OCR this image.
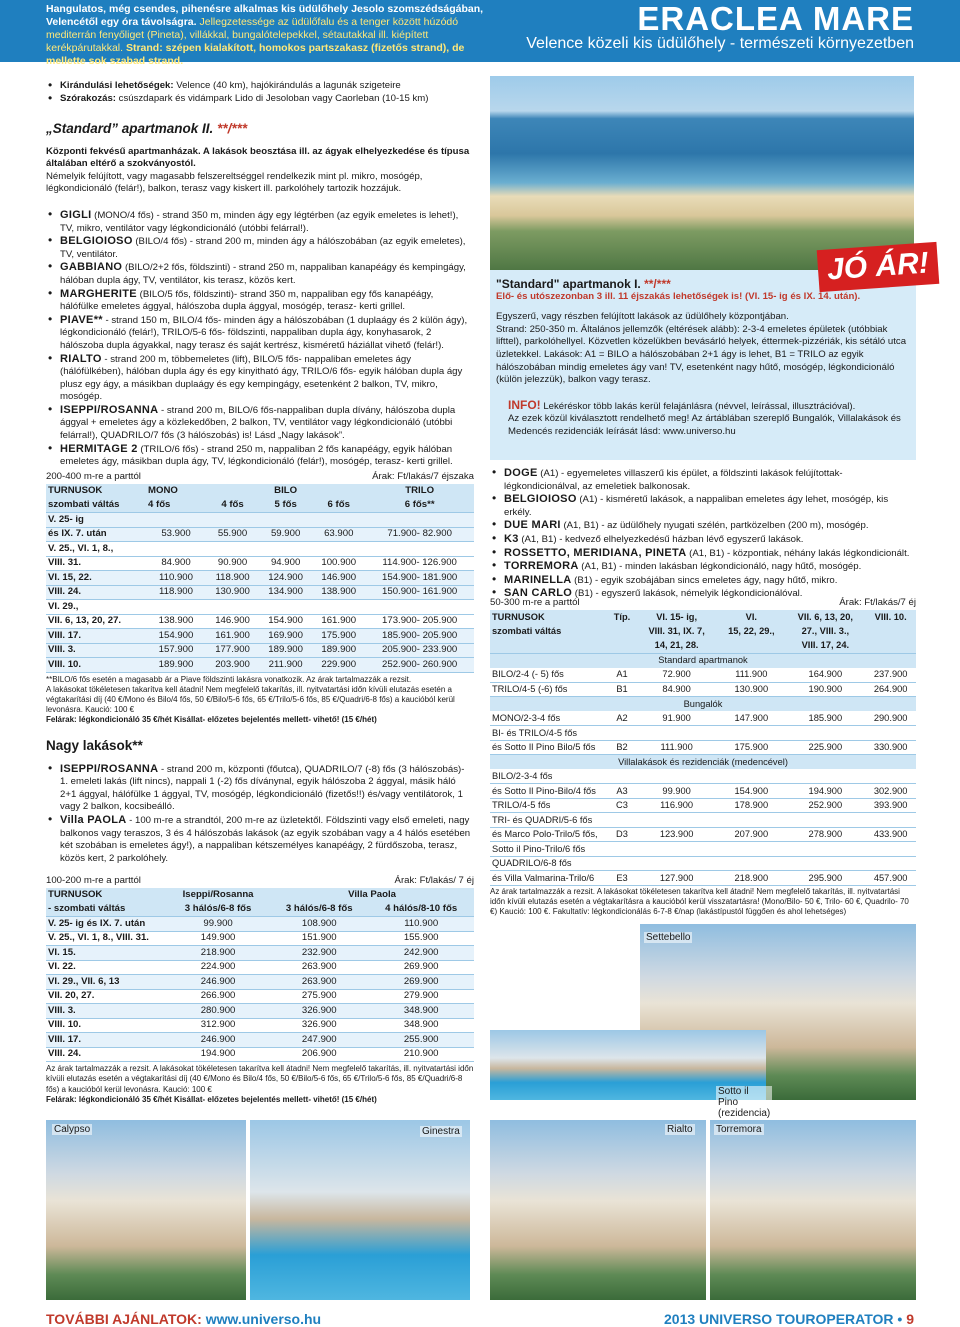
Hangulatos, még csendes, pihenésre alkalmas kis üdülőhely Jesolo szomszédságában, Velencétől egy óra távolságra. Jellegzetessége az üdülőfalu és a tenger között húzódó mediterrán fenyőliget (Pineta), villákkal, bungalótelepekkel, sétautakkal ill. kiépített kerékpárutakkal. Strand: szépen kialakított, homokos partszakasz (fizetős strand), de mellette sok szabad strand.
ERACLEA MARE
Velence közeli kis üdülőhely - természeti környezetben
• Kirándulási lehetőségek: Velence (40 km), hajókirándulás a lagunák szigeteire
• Szórakozás: csúszdapark és vidámpark Lido di Jesoloban vagy Caorleban (10-15 km)
„Standard” apartmanok II. **/***
Központi fekvésű apartmanházak. A lakások beosztása ill. az ágyak elhelyezkedése és típusa általában eltérő a szokványostól.
Némelyik felújított, vagy magasabb felszereltséggel rendelkezik mint pl. mikro, mosógép, légkondicionáló (felár!), balkon, terasz vagy kiskert ill. parkolóhely tartozik hozzájuk.
• GIGLI (MONO/4 fős) - strand 350 m, minden ágy egy légtérben (az egyik emeletes is lehet!), TV, mikro, ventilátor vagy légkondicionáló (utóbbi felárral!).
• BELGIOIOSO (BILO/4 fős) - strand 200 m, minden ágy a hálószobában (az egyik emeletes), TV, ventilátor.
• GABBIANO (BILO/2+2 fős, földszinti) - strand 250 m, nappaliban kanapéágy és kempingágy, hálóban dupla ágy, TV, ventilátor, kis terasz, közös kert.
• MARGHERITE (BILO/5 fős, földszinti)- strand 350 m, nappaliban egy fős kanapéágy, hálófülke emeletes ággyal, hálószoba dupla ággyal, mosógép, terasz- kerti grillel.
• PIAVE** - strand 150 m, BILO/4 fős- minden ágy a hálószobában (1 duplaágy és 2 külön ágy), légkondicionáló (felár!), TRILO/5-6 fős- földszinti, nappaliban dupla ágy, konyhasarok, 2 hálószoba dupla ágyakkal, nagy terasz és saját kertrész, kisméretű háziállat vihető (felár!).
• RIALTO - strand 200 m, többemeletes (lift), BILO/5 fős- nappaliban emeletes ágy (hálófülkében), hálóban dupla ágy és egy kinyitható ágy, TRILO/6 fős- egyik hálóban dupla ágy plusz egy ágy, a másikban duplaágy és egy kempingágy, esetenként 2 balkon, TV, mikro, mosógép.
• ISEPPI/ROSANNA - strand 200 m, BILO/6 fős-nappaliban dupla dívány, hálószoba dupla ággyal + emeletes ágy a közlekedőben, 2 balkon, TV, ventilátor vagy légkondicionáló (utóbbi felárral!), QUADRILO/7 fős (3 hálószobás) is! Lásd „Nagy lakások”.
• HERMITAGE 2 (TRILO/6 fős) - strand 250 m, nappaliban 2 fős kanapéágy, egyik hálóban emeletes ágy, másikban dupla ágy, TV, légkondicionáló (felár!), mosógép, terasz- kerti grillel.
200-400 m-re a parttól	Árak: Ft/lakás/7 éjszaka
TURNUSOK	MONO	BILO			TRILO
szombati váltás	4 fős	4 fős	5 fős	6 fős	6 fős**
V. 25- ig					
és IX. 7. után	53.900	55.900	59.900	63.900	71.900- 82.900
V. 25., VI. 1, 8.,					
VIII. 31.	84.900	90.900	94.900	100.900	114.900- 126.900
VI. 15, 22.	110.900	118.900	124.900	146.900	154.900- 181.900
VIII. 24.	118.900	130.900	134.900	138.900	150.900- 161.900
VI. 29.,					
VII. 6, 13, 20, 27.	138.900	146.900	154.900	161.900	173.900- 205.900
VIII. 17.	154.900	161.900	169.900	175.900	185.900- 205.900
VIII. 3.	157.900	177.900	189.900	189.900	205.900- 233.900
VIII. 10.	189.900	203.900	211.900	229.900	252.900- 260.900
**BILO/6 fős esetén a magasabb ár a Piave földszinti lakásra vonatkozik. Az árak tartalmazzák a rezsit.
A lakásokat tökéletesen takarítva kell átadni! Nem megfelelő takarítás, ill. nyitvatartási időn kívüli elutazás esetén a végtakarítási díj (40 €/Mono és Bilo/4 fős, 50 €/Bilo/5-6 fős, 65 €/Trilo/5-6 fős, 85 €/Quadri/6-8 fős) a kaucióból kerül levonásra. Kaució: 100 €
Felárak: légkondicionáló 35 €/hét Kisállat- előzetes bejelentés mellett- vihető! (15 €/hét)
Nagy lakások**
• ISEPPI/ROSANNA - strand 200 m, központi (főutca), QUADRILO/7 (-8) fős (3 hálószobás)- 1. emeleti lakás (lift nincs), nappali 1 (-2) fős díványnal, egyik hálószoba 2 ággyal, másik háló 2+1 ággyal, hálófülke 1 ággyal, TV, mosógép, légkondicionáló (fizetős!!) és/vagy ventilátorok, 1 vagy 2 balkon, kocsibeálló.
• Villa PAOLA - 100 m-re a strandtól, 200 m-re az üzletektől. Földszinti vagy első emeleti, nagy balkonos vagy teraszos, 3 és 4 hálószobás lakások (az egyik szobában vagy a 4 hálós esetében két szobában is emeletes ágy!), a nappaliban kétszemélyes kanapéágy, 2 fürdőszoba, terasz, közös kert, 2 parkolóhely.
100-200 m-re a parttól	Árak: Ft/lakás/ 7 éj
TURNUSOK	Iseppi/Rosanna	Villa Paola	
- szombati váltás	3 hálós/6-8 fős	3 hálós/6-8 fős	4 hálós/8-10 fős
V. 25- ig és IX. 7. után	99.900	108.900	110.900
V. 25., VI. 1, 8., VIII. 31.	149.900	151.900	155.900
VI. 15.	218.900	232.900	242.900
VI. 22.	224.900	263.900	269.900
VI. 29., VII. 6, 13	246.900	263.900	269.900
VII. 20, 27.	266.900	275.900	279.900
VIII. 3.	280.900	326.900	348.900
VIII. 10.	312.900	326.900	348.900
VIII. 17.	246.900	247.900	255.900
VIII. 24.	194.900	206.900	210.900
Az árak tartalmazzák a rezsit. A lakásokat tökéletesen takarítva kell átadni! Nem megfelelő takarítás, ill. nyitvatartási időn kívüli elutazás esetén a végtakarítási díj (40 €/Mono és Bilo/4 fős, 50 €/Bilo/5-6 fős, 65 €/Trilo/5-6 fős, 85 €/Quadri/6-8 fős) a kaucióból kerül levonásra. Kaució: 100 €
Felárak: légkondicionáló 35 €/hét Kisállat- előzetes bejelentés mellett- vihető! (15 €/hét)
Calypso	Ginestra
JÓ ÁR!
"Standard" apartmanok I. **/***
Elő- és utószezonban 3 ill. 11 éjszakás lehetőségek is! (VI. 15- ig és IX. 14. után).
Egyszerű, vagy részben felújított lakások az üdülőhely központjában.
Strand: 250-350 m. Általános jellemzők (eltérések alább): 2-3-4 emeletes épületek (utóbbiak lifttel), parkolóhellyel. Közvetlen közelükben bevásárló helyek, éttermek-pizzériák, kis sétáló utca üzletekkel. Lakások: A1 = BILO a hálószobában 2+1 ágy is lehet, B1 = TRILO az egyik hálószobában mindig emeletes ágy van! TV, esetenként nagy hűtő, mosógép, légkondicionáló (külön jelezzük), balkon vagy terasz.
INFO! Lekéréskor több lakás kerül felajánlásra (névvel, leírással, illusztrációval).
Az ezek közül kiválasztott rendelhető meg! Az ártáblában szereplő Bungalók, Villalakások és Medencés rezidenciák leírását lásd: www.universo.hu
• DOGE (A1) - egyemeletes villaszerű kis épület, a földszinti lakások felújítottak-légkondicionálval, az emeletiek balkonosak.
• BELGIOIOSO (A1) - kisméretű lakások, a nappaliban emeletes ágy lehet, mosógép, kis erkély.
• DUE MARI (A1, B1) - az üdülőhely nyugati szélén, partközelben (200 m), mosógép.
• K3 (A1, B1) - kedvező elhelyezkedésű házban lévő egyszerű lakások.
• ROSSETTO, MERIDIANA, PINETA (A1, B1) - központiak, néhány lakás légkondicionált.
• TORREMORA (A1, B1) - minden lakásban légkondicionáló, nagy hűtő, mosógép.
• MARINELLA (B1) - egyik szobájában sincs emeletes ágy, nagy hűtő, mikro.
• SAN CARLO (B1) - egyszerű lakások, némelyik légkondicionálóval.
50-300 m-re a parttól	Árak: Ft/lakás/7 éj
TURNUSOK	Típ.	VI. 15- ig,	VI.	VII. 6, 13, 20,	VIII. 10.
szombati váltás		VIII. 31, IX. 7,	15, 22, 29.,	27., VIII. 3.,	
		14, 21, 28.		VIII. 17, 24.	
Standard apartmanok					
BILO/2-4 (- 5) fős	A1	72.900	111.900	164.900	237.900
TRILO/4-5 (-6) fős	B1	84.900	130.900	190.900	264.900
Bungalók					
MONO/2-3-4 fős	A2	91.900	147.900	185.900	290.900
BI- és TRILO/4-5 fős					
és Sotto Il Pino Bilo/5 fős	B2	111.900	175.900	225.900	330.900
Villalakások és rezidenciák (medencével)					
BILO/2-3-4 fős					
és Sotto Il Pino-Bilo/4 fős	A3	99.900	154.900	194.900	302.900
TRILO/4-5 fős	C3	116.900	178.900	252.900	393.900
TRI- és QUADRI/5-6 fős					
és Marco Polo-Trilo/5 fős,	D3	123.900	207.900	278.900	433.900
Sotto il Pino-Trilo/6 fős					
QUADRILO/6-8 fős					
és Villa Valmarina-Trilo/6	E3	127.900	218.900	295.900	457.900
Az árak tartalmazzák a rezsit. A lakásokat tökéletesen takarítva kell átadni! Nem megfelelő takarítás, ill. nyitvatartási időn kívüli elutazás esetén a végtakarításra a kaucióból kerül visszatartásra! (Mono/Bilo- 50 €, Trilo- 60 €, Quadrilo- 70 €) Kaució: 100 €. Fakultatív: légkondicionálás 6-7-8 €/nap (lakástípustól függően és ahol lehetséges)
Settebello
Sotto il Pino (rezidencia)
Rialto Torremora
TOVÁBBI AJÁNLATOK: www.universo.hu	2013 UNIVERSO TOUROPERATOR • 9
